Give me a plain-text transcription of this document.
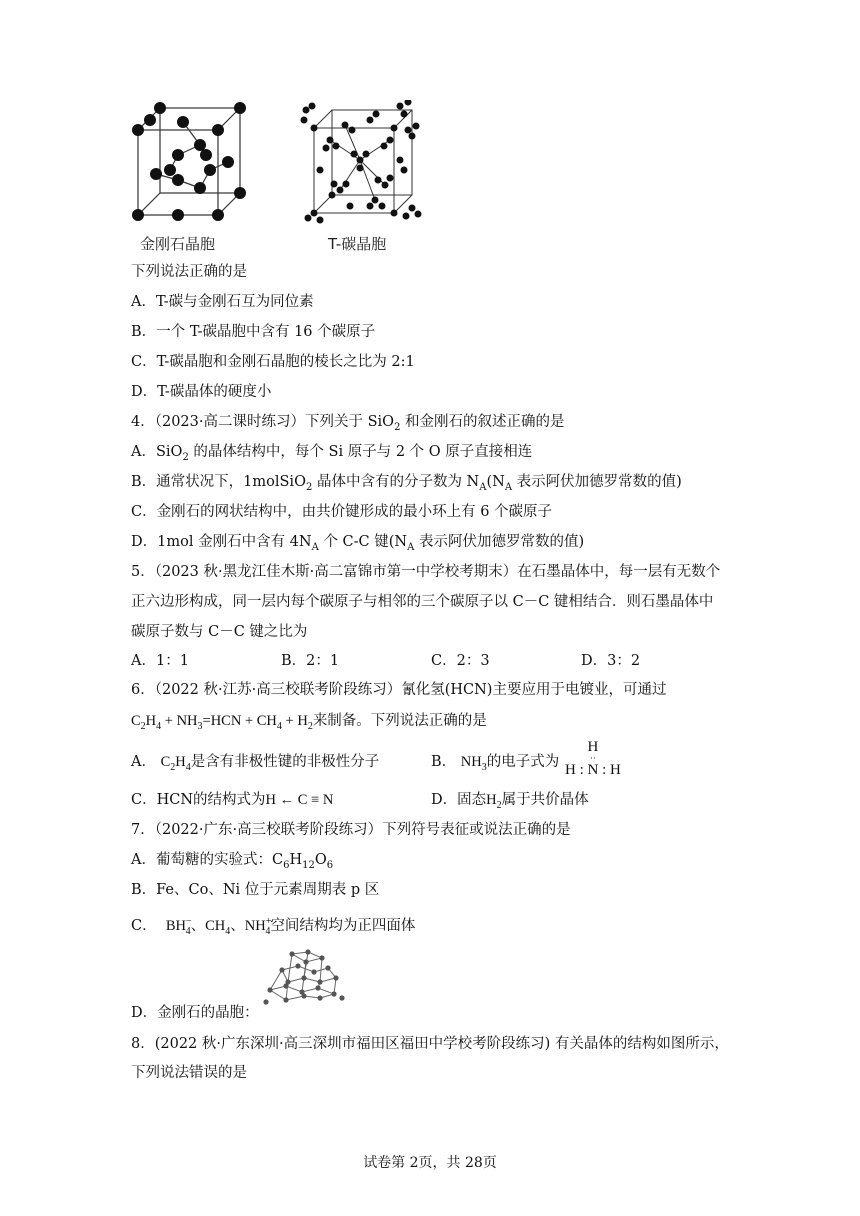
金刚石晶胞	T-碳晶胞
下列说法正确的是
A．T-碳与金刚石互为同位素
B．一个 T-碳晶胞中含有 16 个碳原子
C．T-碳晶胞和金刚石晶胞的棱长之比为 2:1
D．T-碳晶体的硬度小
4．（2023·高二课时练习）下列关于 SiO$_2$ 和金刚石的叙述正确的是
A．SiO$_2$ 的晶体结构中，每个 Si 原子与 2 个 O 原子直接相连
B．通常状况下，1molSiO$_2$ 晶体中含有的分子数为 $N_A(N_A$ 表示阿伏加德罗常数的值)
C．金刚石的网状结构中，由共价键形成的最小环上有 6 个碳原子
D．1mol 金刚石中含有 $4N_A$ 个 C-C 键($N_A$ 表示阿伏加德罗常数的值)
5．（2023 秋·黑龙江佳木斯·高二富锦市第一中学校考期末）在石墨晶体中，每一层有无数个
正六边形构成，同一层内每个碳原子与相邻的三个碳原子以 C－C 键相结合．则石墨晶体中
碳原子数与 C－C 键之比为
A．1：1	B．2：1	C．2：3	D．3：2
6．（2022 秋·江苏·高三校联考阶段练习）氰化氢(HCN)主要应用于电镀业，可通过
$C_2H_4 + NH_3=HCN + CH_4 + H_2$来制备。下列说法正确的是
A． $C_2H_4$是含有非极性键的非极性分子	B． $NH_3$的电子式为
H
··
H : N : H
C．HCN的结构式为H ← C ≡ N	D．固态$H_2$属于共价晶体
7．（2022·广东·高三校联考阶段练习）下列符号表征或说法正确的是
A．葡萄糖的实验式：$C_6H_{12}O_6$
B．Fe、Co、Ni 位于元素周期表 p 区
C． $BH^-_4$、$CH_4$、$NH^+_4$空间结构均为正四面体
D．金刚石的晶胞：
8．(2022 秋·广东深圳·高三深圳市福田区福田中学校考阶段练习) 有关晶体的结构如图所示，
下列说法错误的是
试卷第 2页，共 28页
